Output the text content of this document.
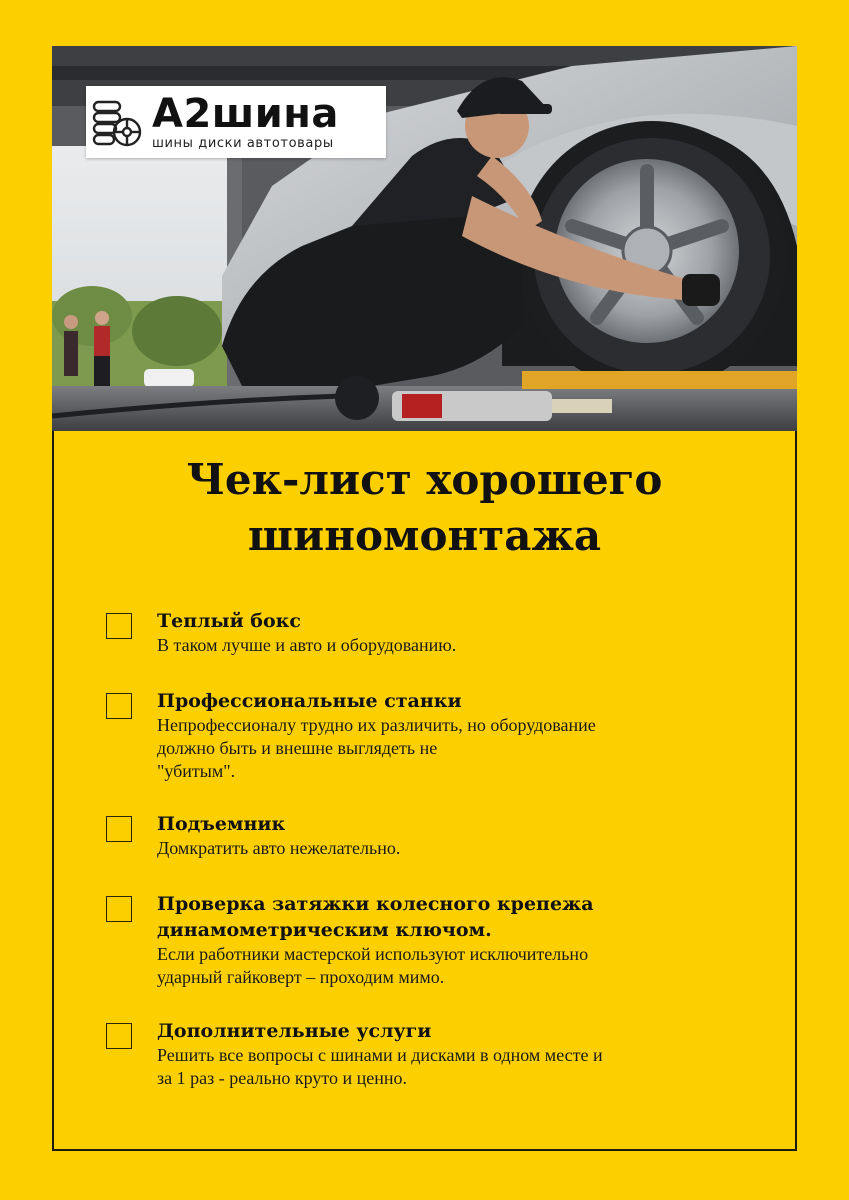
A2шина
шины диски автотовары
Чек-лист хорошего
шиномонтажа
Теплый бокс
В таком лучше и авто и оборудованию.
Профессиональные станки
Непрофессионалу трудно их различить, но оборудование
должно быть и внешне выглядеть не
"убитым".
Подъемник
Домкратить авто нежелательно.
Проверка затяжки колесного крепежа
динамометрическим ключом.
Если работники мастерской используют исключительно
ударный гайковерт – проходим мимо.
Дополнительные услуги
Решить все вопросы с шинами и дисками в одном месте и
за 1 раз - реально круто и ценно.
